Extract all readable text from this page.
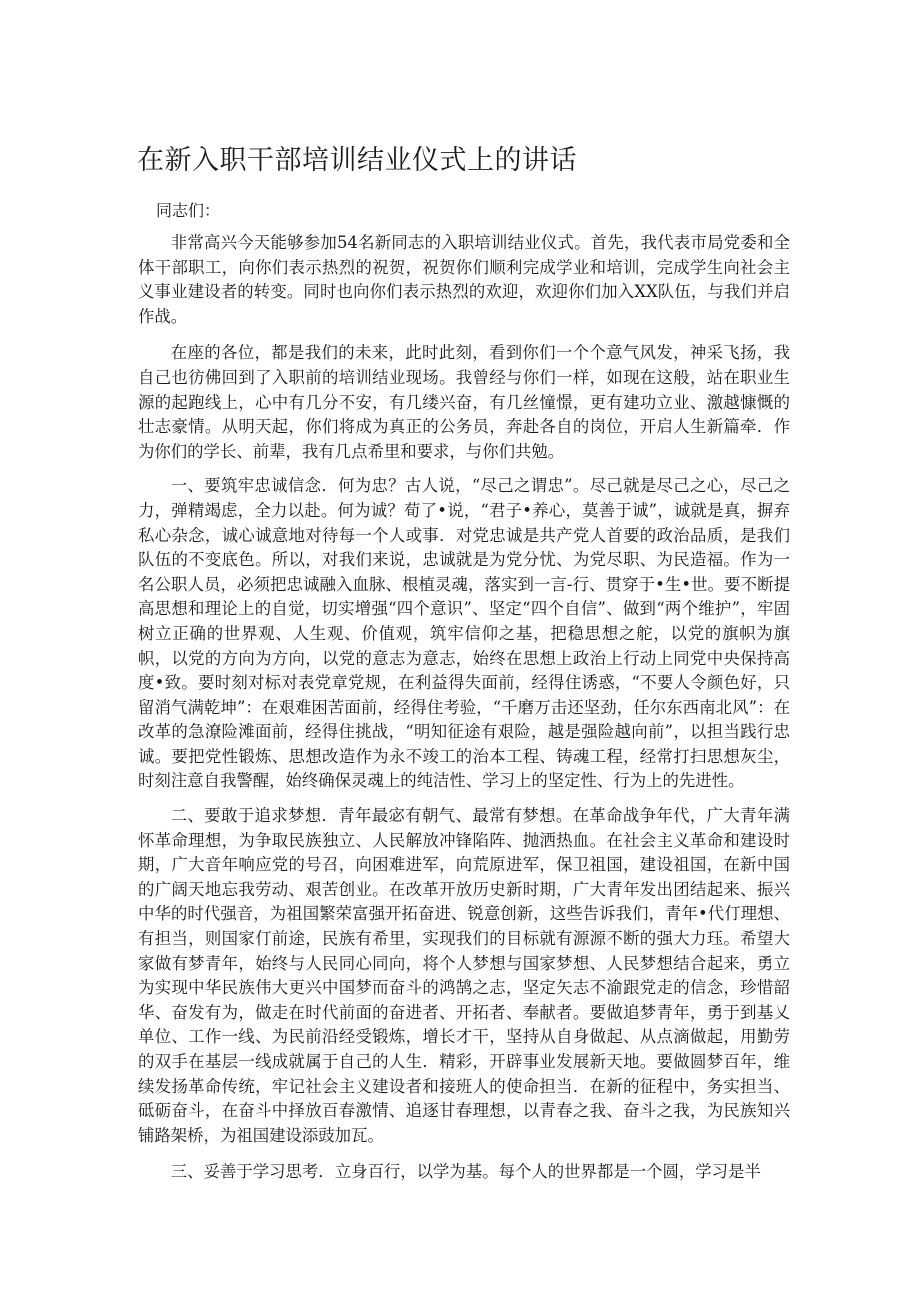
在新入职干部培训结业仪式上的讲话

同志们：

非常高兴今天能够参加54名新同志的入职培训结业仪式。首先，我代表市局党委和全体干部职工，向你们表示热烈的祝贺，祝贺你们顺利完成学业和培训，完成学生向社会主义事业建设者的转变。同时也向你们表示热烈的欢迎，欢迎你们加入XX队伍，与我们并启作战。

在座的各位，都是我们的未来，此时此刻，看到你们一个个意气风发，神采飞扬，我自己也彷佛回到了入职前的培训结业现场。我曾经与你们一样，如现在这般，站在职业生源的起跑线上，心中有几分不安，有几缕兴奋，有几丝憧憬，更有建功立业、激越慷慨的壮志豪情。从明天起，你们将成为真正的公务员，奔赴各自的岗位，开启人生新篇牵．作为你们的学长、前辈，我有几点希里和要求，与你们共勉。

一、要筑牢忠诚信念．何为忠？古人说，“尽己之谓忠”。尽己就是尽己之心，尽己之力，弹精竭虑，全力以赴。何为诚？荀了•说，“君子•养心，莫善于诚”，诚就是真，摒弃私心杂念，诚心诚意地对待每一个人或事．对党忠诚是共产党人首要的政治品质，是我们队伍的不变底色。所以，对我们来说，忠诚就是为党分忧、为党尽职、为民造福。作为一名公职人员，必须把忠诚融入血脉、根植灵魂，落实到一言-行、贯穿于•生•世。要不断提高思想和理论上的自觉，切实增强“四个意识”、坚定“四个自信”、做到“两个维护”，牢固树立正确的世界观、人生观、价值观，筑牢信仰之基，把稳思想之舵，以党的旗帜为旗帜，以党的方向为方向，以党的意志为意志，始终在思想上政治上行动上同党中央保持高度•致。要时刻对标对表党章党规，在利益得失面前，经得住诱惑，“不要人令颜色好，只留消气满乾坤”：在艰难困苦面前，经得住考验，“千磨万击还坚劲，任尔东西南北风”：在改革的急潦险滩面前，经得住挑战，“明知征途有艰险，越是强险越向前”，以担当践行忠诚。要把党性锻炼、思想改造作为永不竣工的治本工程、铸魂工程，经常打扫思想灰尘，时刻注意自我警醒，始终确保灵魂上的纯洁性、学习上的坚定性、行为上的先进性。

二、要敢于追求梦想．青年最宓有朝气、最常有梦想。在革命战争年代，广大青年满怀革命理想，为争取民族独立、人民解放冲锋陷阵、抛洒热血。在社会主义革命和建设时期，广大音年响应党的号召，向困难进军，向荒原进军，保卫祖国，建设祖国，在新中国的广阔天地忘我劳动、艰苦创业。在改革开放历史新时期，广大青年发出团结起来、振兴中华的时代强音，为祖国繁荣富强开拓奋进、锐意创新，这些告诉我们，青年•代仃理想、有担当，则国家仃前途，民族有希里，实现我们的目标就有源源不断的强大力珏。希望大家做有梦青年，始终与人民同心同向，将个人梦想与国家梦想、人民梦想结合起来，勇立为实现中华民族伟大更兴中国梦而奋斗的鸿鹄之志，坚定矢志不渝跟党走的信念，珍惜韶华、奋发有为，做走在时代前面的奋进者、开拓者、奉献者。要做追梦青年，勇于到基乂单位、工作一线、为民前沿经受锻炼，增长才干，坚持从自身做起、从点滴做起，用勤劳的双手在基层一线成就属于自己的人生．精彩，开辟事业发展新天地。要做圆梦百年，维续发扬革命传统，牢记社会主义建设者和接班人的使命担当．在新的征程中，务实担当、砥砺奋斗，在奋斗中择放百春激情、追逐甘春理想，以青春之我、奋斗之我，为民族知兴铺路架桥，为祖国建设添豉加瓦。

三、妥善于学习思考．立身百行，以学为基。每个人的世界都是一个圆，学习是半
